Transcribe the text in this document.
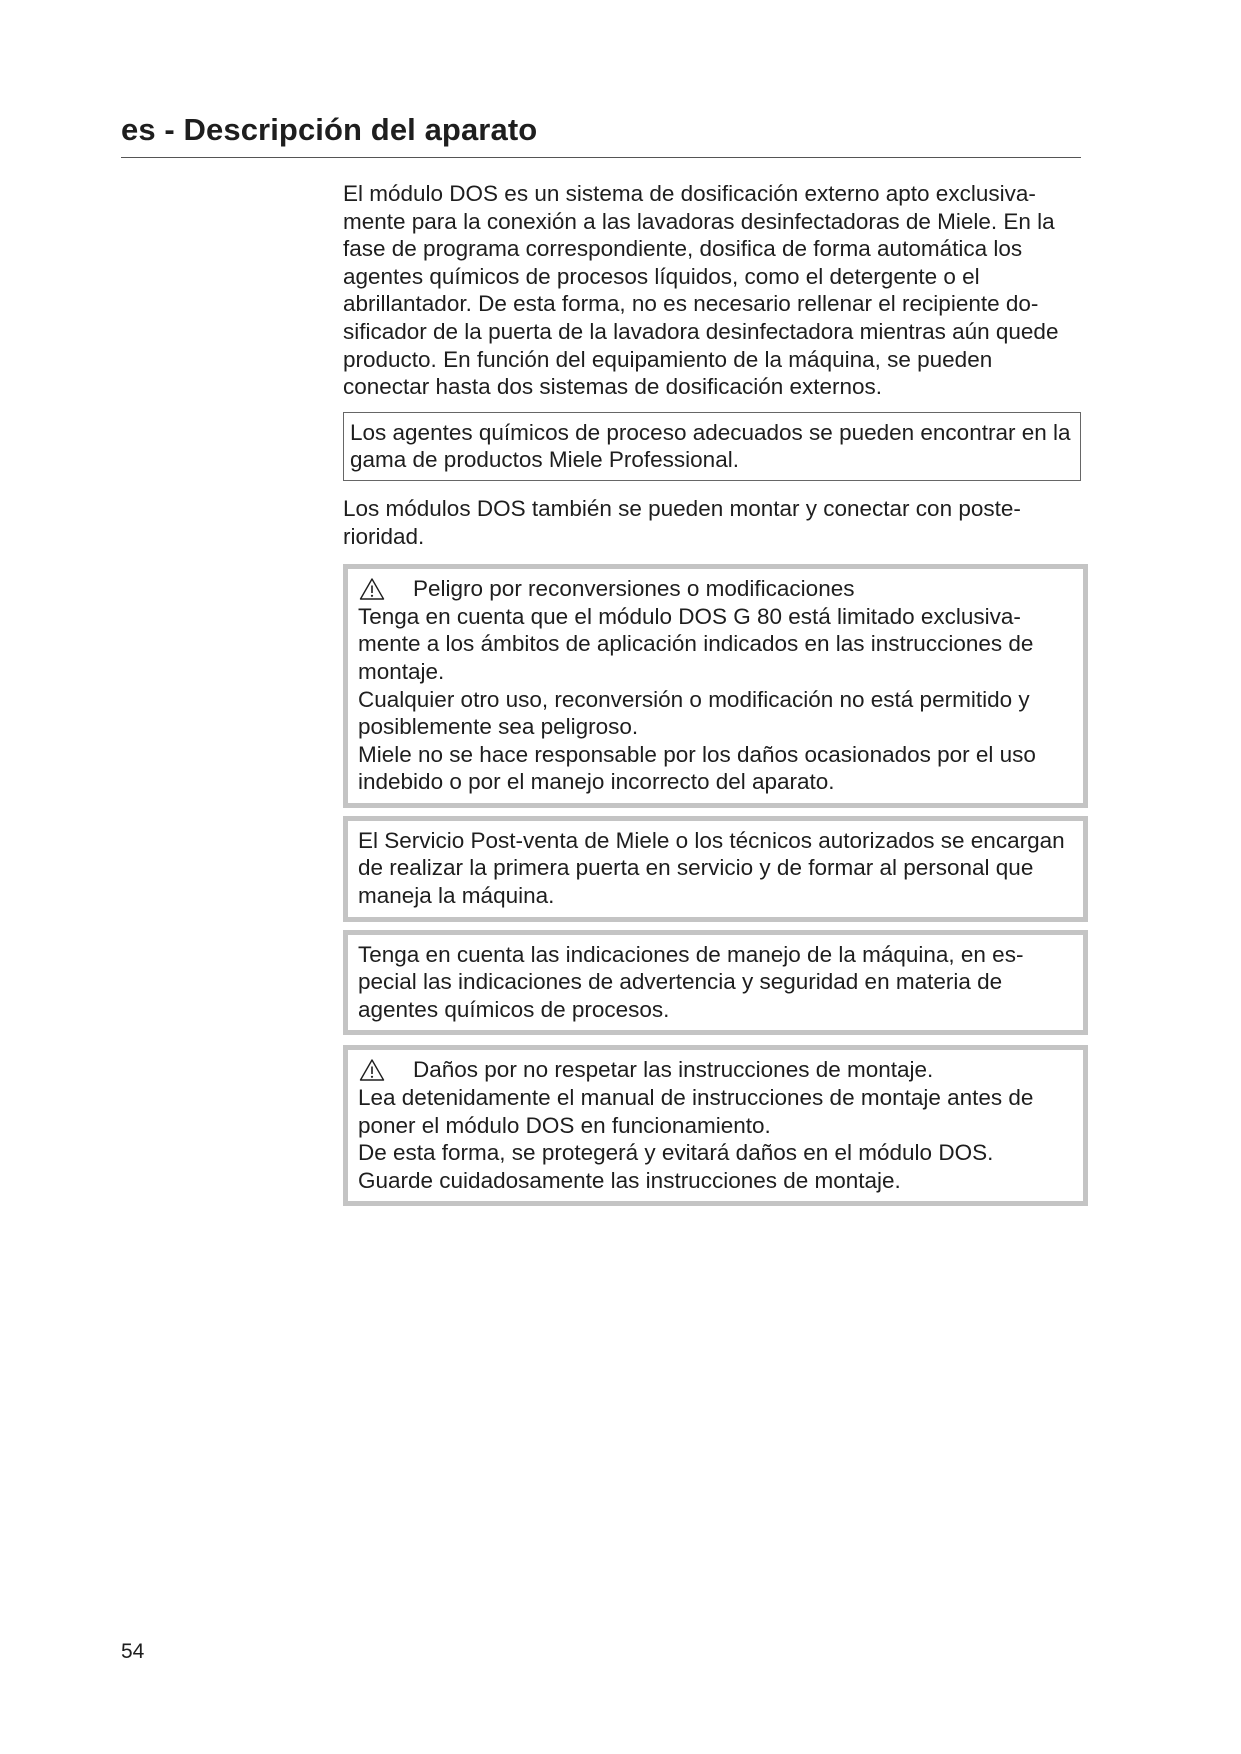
es - Descripción del aparato

El módulo DOS es un sistema de dosificación externo apto exclusivamente para la conexión a las lavadoras desinfectadoras de Miele. En la fase de programa correspondiente, dosifica de forma automática los agentes químicos de procesos líquidos, como el detergente o el abrillantador. De esta forma, no es necesario rellenar el recipiente dosificador de la puerta de la lavadora desinfectadora mientras aún quede producto. En función del equipamiento de la máquina, se pueden conectar hasta dos sistemas de dosificación externos.

Los agentes químicos de proceso adecuados se pueden encontrar en la gama de productos Miele Professional.

Los módulos DOS también se pueden montar y conectar con posterioridad.

Peligro por reconversiones o modificaciones

Tenga en cuenta que el módulo DOS G 80 está limitado exclusivamente a los ámbitos de aplicación indicados en las instrucciones de montaje.

Cualquier otro uso, reconversión o modificación no está permitido y posiblemente sea peligroso.

Miele no se hace responsable por los daños ocasionados por el uso indebido o por el manejo incorrecto del aparato.

El Servicio Post-venta de Miele o los técnicos autorizados se encargan de realizar la primera puerta en servicio y de formar al personal que maneja la máquina.

Tenga en cuenta las indicaciones de manejo de la máquina, en especial las indicaciones de advertencia y seguridad en materia de agentes químicos de procesos.

Daños por no respetar las instrucciones de montaje.

Lea detenidamente el manual de instrucciones de montaje antes de poner el módulo DOS en funcionamiento.

De esta forma, se protegerá y evitará daños en el módulo DOS. Guarde cuidadosamente las instrucciones de montaje.

54
